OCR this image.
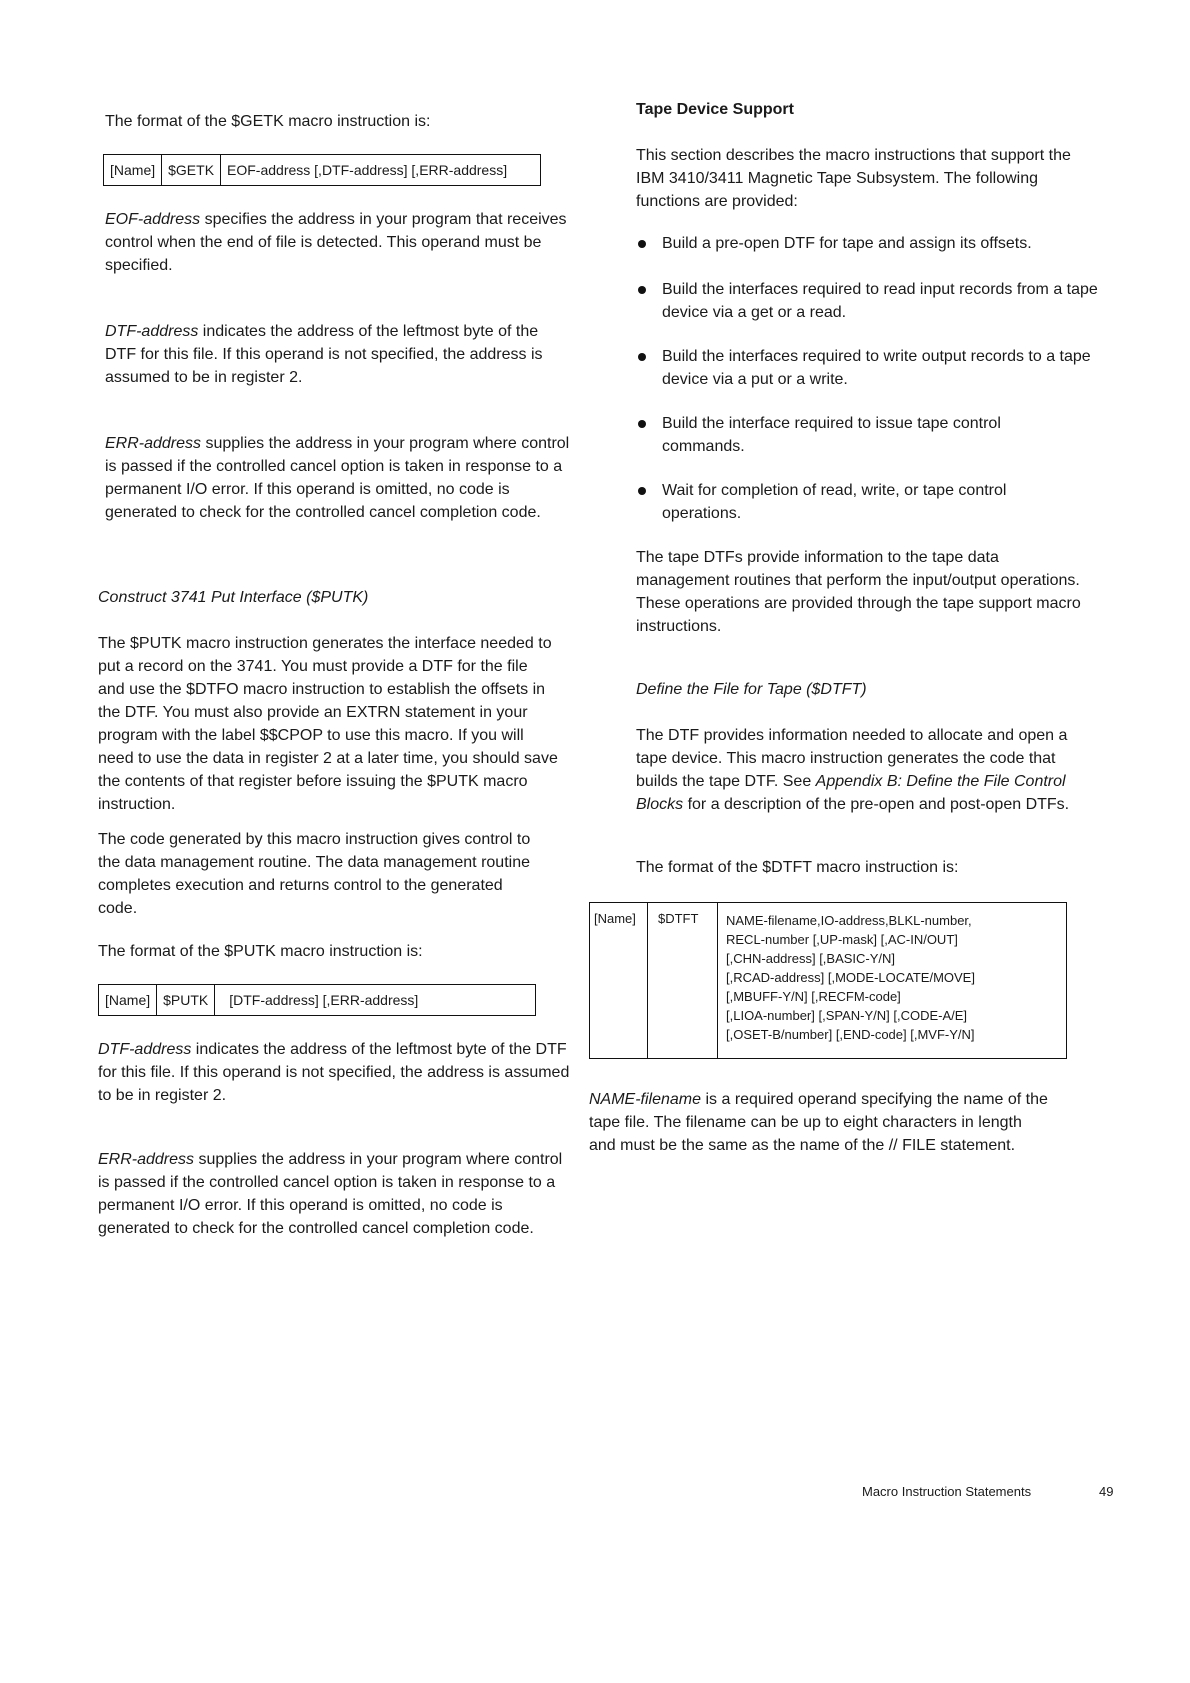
The format of the $GETK macro instruction is:

[Name] $GETK EOF-address [,DTF-address] [,ERR-address]

EOF-address specifies the address in your program that receives control when the end of file is detected. This operand must be specified.

DTF-address indicates the address of the leftmost byte of the DTF for this file. If this operand is not specified, the address is assumed to be in register 2.

ERR-address supplies the address in your program where control is passed if the controlled cancel option is taken in response to a permanent I/O error. If this operand is omitted, no code is generated to check for the controlled cancel completion code.

Construct 3741 Put Interface ($PUTK)

The $PUTK macro instruction generates the interface needed to put a record on the 3741. You must provide a DTF for the file and use the $DTFO macro instruction to establish the offsets in the DTF. You must also provide an EXTRN statement in your program with the label $$CPOP to use this macro. If you will need to use the data in register 2 at a later time, you should save the contents of that register before issuing the $PUTK macro instruction.

The code generated by this macro instruction gives control to the data management routine. The data management routine completes execution and returns control to the generated code.

The format of the $PUTK macro instruction is:

[Name] $PUTK	[DTF-address] [,ERR-address]

DTF-address indicates the address of the leftmost byte of the DTF for this file. If this operand is not specified, the address is assumed to be in register 2.

ERR-address supplies the address in your program where control is passed if the controlled cancel option is taken in response to a permanent I/O error. If this operand is omitted, no code is generated to check for the controlled cancel completion code.

Tape Device Support

This section describes the macro instructions that support the IBM 3410/3411 Magnetic Tape Subsystem. The following functions are provided:

Build a pre-open DTF for tape and assign its offsets.

Build the interfaces required to read input records from a tape device via a get or a read.

Build the interfaces required to write output records to a tape device via a put or a write.

Build the interface required to issue tape control commands.

Wait for completion of read, write, or tape control operations.

The tape DTFs provide information to the tape data management routines that perform the input/output operations. These operations are provided through the tape support macro instructions.

Define the File for Tape ($DTFT)

The DTF provides information needed to allocate and open a tape device. This macro instruction generates the code that builds the tape DTF. See Appendix B: Define the File Control Blocks for a description of the pre-open and post-open DTFs.

The format of the $DTFT macro instruction is:

[Name]	$DTFT	NAME-filename,IO-address,BLKL-number,
RECL-number [,UP-mask] [,AC-IN/OUT]
[,CHN-address] [,BASIC-Y/N]
[,RCAD-address] [,MODE-LOCATE/MOVE]
[,MBUFF-Y/N] [,RECFM-code]
[,LIOA-number] [,SPAN-Y/N] [,CODE-A/E]
[,OSET-B/number] [,END-code] [,MVF-Y/N]

NAME-filename is a required operand specifying the name of the tape file. The filename can be up to eight characters in length and must be the same as the name of the // FILE statement.

Macro Instruction Statements	49
